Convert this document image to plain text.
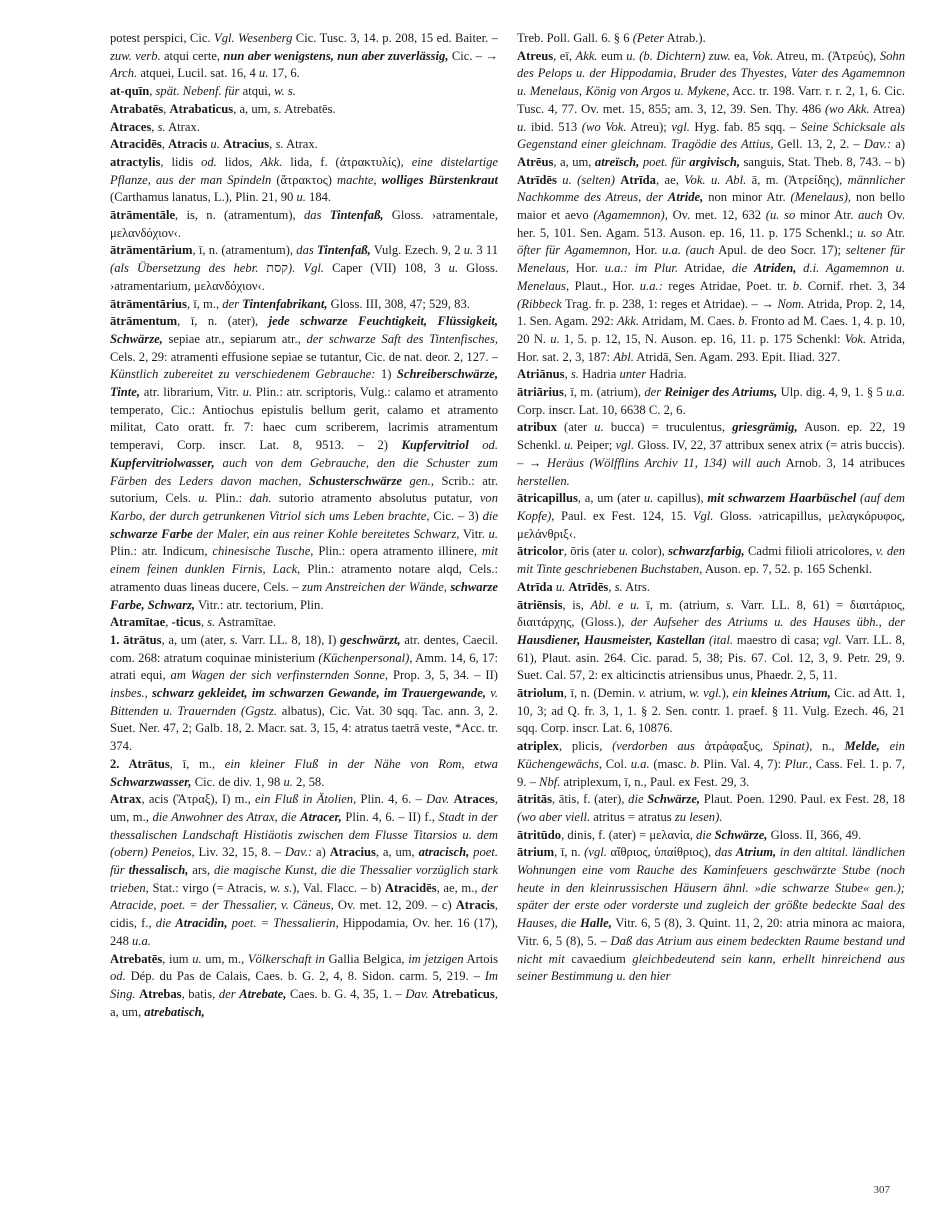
potest perspici, Cic. Vgl. Wesenberg Cic. Tusc. 3, 14. p. 208, 15 ed. Baiter. – zuw. verb. atqui certe, nun aber wenigstens, nun aber zuverlässig, Cic. – → Arch. atquei, Lucil. sat. 16, 4 u. 17, 6.

at-quīn, spät. Nebenf. für atqui, w. s.

Atrabatēs, Atrabaticus, a, um, s. Atrebatēs.

Atraces, s. Atrax.

Atracidēs, Atracis u. Atracius, s. Atrax.

atractylis, lidis od. lidos, Akk. lida, f. (ἀτρακτυλίς), eine distelartige Pflanze, aus der man Spindeln (ἄτρακτος) machte, wolliges Bürstenkraut (Carthamus lanatus, L.), Plin. 21, 90 u. 184.

ātrāmentāle, is, n. (atramentum), das Tintenfaß, Gloss. ›atramentale, μελανδόχιον‹.

ātrāmentārium, ī, n. (atramentum), das Tintenfaß, Vulg. Ezech. 9, 2 u. 3 11 (als Übersetzung des hebr. קסת). Vgl. Caper (VII) 108, 3 u. Gloss. ›atramentarium, μελανδόχιον‹.

ātrāmentārius, ī, m., der Tintenfabrikant, Gloss. III, 308, 47; 529, 83.

ātrāmentum, ī, n. (ater), jede schwarze Feuchtigkeit, Flüssigkeit, Schwärze, sepiae atr., sepiarum atr., der schwarze Saft des Tintenfisches, Cels. 2, 29: atramenti effusione sepiae se tutantur, Cic. de nat. deor. 2, 127. – Künstlich zubereitet zu verschiedenem Gebrauche: 1) Schreiberschwärze, Tinte, atr. librarium, Vitr. u. Plin.: atr. scriptoris, Vulg.: calamo et atramento temperato, Cic.: Antiochus epistulis bellum gerit, calamo et atramento militat, Cato oratt. fr. 7: haec cum scriberem, lacrimis atramentum temperavi, Corp. inscr. Lat. 8, 9513. – 2) Kupfervitriol od. Kupfervitriolwasser, auch von dem Gebrauche, den die Schuster zum Färben des Leders davon machen, Schusterschwärze gen., Scrib.: atr. sutorium, Cels. u. Plin.: dah. sutorio atramento absolutus putatur, von Karbo, der durch getrunkenen Vitriol sich ums Leben brachte, Cic. – 3) die schwarze Farbe der Maler, ein aus reiner Kohle bereitetes Schwarz, Vitr. u. Plin.: atr. Indicum, chinesische Tusche, Plin.: opera atramento illinere, mit einem feinen dunklen Firnis, Lack, Plin.: atramento notare alqd, Cels.: atramento duas lineas ducere, Cels. – zum Anstreichen der Wände, schwarze Farbe, Schwarz, Vitr.: atr. tectorium, Plin.

Atramītae, -ticus, s. Astramītae.

1. ātrātus, a, um (ater, s. Varr. LL. 8, 18), I) geschwärzt, atr. dentes, Caecil. com. 268: atratum coquinae ministerium (Küchenpersonal), Amm. 14, 6, 17: atrati equi, am Wagen der sich verfinsternden Sonne, Prop. 3, 5, 34. – II) insbes., schwarz gekleidet, im schwarzen Gewande, im Trauergewande, v. Bittenden u. Trauernden (Ggstz. albatus), Cic. Vat. 30 sqq. Tac. ann. 3, 2. Suet. Ner. 47, 2; Galb. 18, 2. Macr. sat. 3, 15, 4: atratus taetrā veste, *Acc. tr. 374.

2. Atrātus, ī, m., ein kleiner Fluß in der Nähe von Rom, etwa Schwarzwasser, Cic. de div. 1, 98 u. 2, 58.

Atrax, acis (Ἄτραξ), I) m., ein Fluß in Ätolien, Plin. 4, 6. – Dav. Atraces, um, m., die Anwohner des Atrax, die Atracer, Plin. 4, 6. – II) f., Stadt in der thessalischen Landschaft Histiäotis zwischen dem Flusse Titarsios u. dem (obern) Peneios, Liv. 32, 15, 8. – Dav.: a) Atracius, a, um, atracisch, poet. für thessalisch, ars, die magische Kunst, die die Thessalier vorzüglich stark trieben, Stat.: virgo (= Atracis, w. s.), Val. Flacc. – b) Atracidēs, ae, m., der Atracide, poet. = der Thessalier, v. Cäneus, Ov. met. 12, 209. – c) Atracis, cidis, f., die Atracidin, poet. = Thessalierin, Hippodamia, Ov. her. 16 (17), 248 u.a.

Atrebatēs, ium u. um, m., Völkerschaft in Gallia Belgica, im jetzigen Artois od. Dép. du Pas de Calais, Caes. b. G. 2, 4, 8. Sidon. carm. 5, 219. – Im Sing. Atrebas, batis, der Atrebate, Caes. b. G. 4, 35, 1. – Dav. Atrebaticus, a, um, atrebatisch,

Treb. Poll. Gall. 6. § 6 (Peter Atrab.).

Atreus, eī, Akk. eum u. (b. Dichtern) zuw. ea, Vok. Atreu, m. (Ἀτρεύς), Sohn des Pelops u. der Hippodamia, Bruder des Thyestes, Vater des Agamemnon u. Menelaus, König von Argos u. Mykene, Acc. tr. 198. Varr. r. r. 2, 1, 6. Cic. Tusc. 4, 77. Ov. met. 15, 855; am. 3, 12, 39. Sen. Thy. 486 (wo Akk. Atrea) u. ibid. 513 (wo Vok. Atreu); vgl. Hyg. fab. 85 sqq. – Seine Schicksale als Gegenstand einer gleichnam. Tragödie des Attius, Gell. 13, 2, 2. – Dav.: a) Atrēus, a, um, atreïsch, poet. für argivisch, sanguis, Stat. Theb. 8, 743. – b) Atrīdēs u. (selten) Atrīda, ae, Vok. u. Abl. ā, m. (Ἀτρείδης), männlicher Nachkomme des Atreus, der Atride, non minor Atr. (Menelaus), non bello maior et aevo (Agamemnon), Ov. met. 12, 632 (u. so minor Atr. auch Ov. her. 5, 101. Sen. Agam. 513. Auson. ep. 16, 11. p. 175 Schenkl.; u. so Atr. öfter für Agamemnon, Hor. u.a. (auch Apul. de deo Socr. 17); seltener für Menelaus, Hor. u.a.: im Plur. Atridae, die Atriden, d.i. Agamemnon u. Menelaus, Plaut., Hor. u.a.: reges Atridae, Poet. tr. b. Cornif. rhet. 3, 34 (Ribbeck Trag. fr. p. 238, 1: reges et Atridae). – → Nom. Atrida, Prop. 2, 14, 1. Sen. Agam. 292: Akk. Atridam, M. Caes. b. Fronto ad M. Caes. 1, 4. p. 10, 20 N. u. 1, 5. p. 12, 15, N. Auson. ep. 16, 11. p. 175 Schenkl: Vok. Atrida, Hor. sat. 2, 3, 187: Abl. Atridā, Sen. Agam. 293. Epit. Iliad. 327.

Atriānus, s. Hadria unter Hadria.

ātriārius, ī, m. (atrium), der Reiniger des Atriums, Ulp. dig. 4, 9, 1. § 5 u.a. Corp. inscr. Lat. 10, 6638 C. 2, 6.

atribux (ater u. bucca) = truculentus, griesgrämig, Auson. ep. 22, 19 Schenkl. u. Peiper; vgl. Gloss. IV, 22, 37 attribux senex atrix (= atris buccis). – → Heräus (Wölfflins Archiv 11, 134) will auch Arnob. 3, 14 atribuces herstellen.

ātricapillus, a, um (ater u. capillus), mit schwarzem Haarbüschel (auf dem Kopfe), Paul. ex Fest. 124, 15. Vgl. Gloss. ›atricapillus, μελαγκόρυφος, μελάνθριξ‹.

ātricolor, ōris (ater u. color), schwarzfarbig, Cadmi filioli atricolores, v. den mit Tinte geschriebenen Buchstaben, Auson. ep. 7, 52. p. 165 Schenkl.

Atrīda u. Atrīdēs, s. Atrs.

ātriēnsis, is, Abl. e u. ī, m. (atrium, s. Varr. LL. 8, 61) = διαιτάριος, διαιτάρχης, (Gloss.), der Aufseher des Atriums u. des Hauses übh., der Hausdiener, Hausmeister, Kastellan (ital. maestro di casa; vgl. Varr. LL. 8, 61), Plaut. asin. 264. Cic. parad. 5, 38; Pis. 67. Col. 12, 3, 9. Petr. 29, 9. Suet. Cal. 57, 2: ex alticinctis atriensibus unus, Phaedr. 2, 5, 11.

ātriolum, ī, n. (Demin. v. atrium, w. vgl.), ein kleines Atrium, Cic. ad Att. 1, 10, 3; ad Q. fr. 3, 1, 1. § 2. Sen. contr. 1. praef. § 11. Vulg. Ezech. 46, 21 sqq. Corp. inscr. Lat. 6, 10876.

atriplex, plicis, (verdorben aus ἀτράφαξυς, Spinat), n., Melde, ein Küchengewächs, Col. u.a. (masc. b. Plin. Val. 4, 7): Plur., Cass. Fel. 1. p. 7, 9. – Nbf. atriplexum, ī, n., Paul. ex Fest. 29, 3.

ātritās, ātis, f. (ater), die Schwärze, Plaut. Poen. 1290. Paul. ex Fest. 28, 18 (wo aber viell. atritus = atratus zu lesen).

ātritūdo, dinis, f. (ater) = μελανία, die Schwärze, Gloss. II, 366, 49.

ātrium, ī, n. (vgl. αἴθριος, ὑπαίθριος), das Atrium, in den altital. ländlichen Wohnungen eine vom Rauche des Kaminfeuers geschwärzte Stube (noch heute in den kleinrussischen Häusern ähnl. »die schwarze Stube« gen.); später der erste oder vorderste und zugleich der größte bedeckte Saal des Hauses, die Halle, Vitr. 6, 5 (8), 3. Quint. 11, 2, 20: atria minora ac maiora, Vitr. 6, 5 (8), 5. – Daß das Atrium aus einem bedeckten Raume bestand und nicht mit cavaedium gleichbedeutend sein kann, erhellt hinreichend aus seiner Bestimmung u. den hier

307
